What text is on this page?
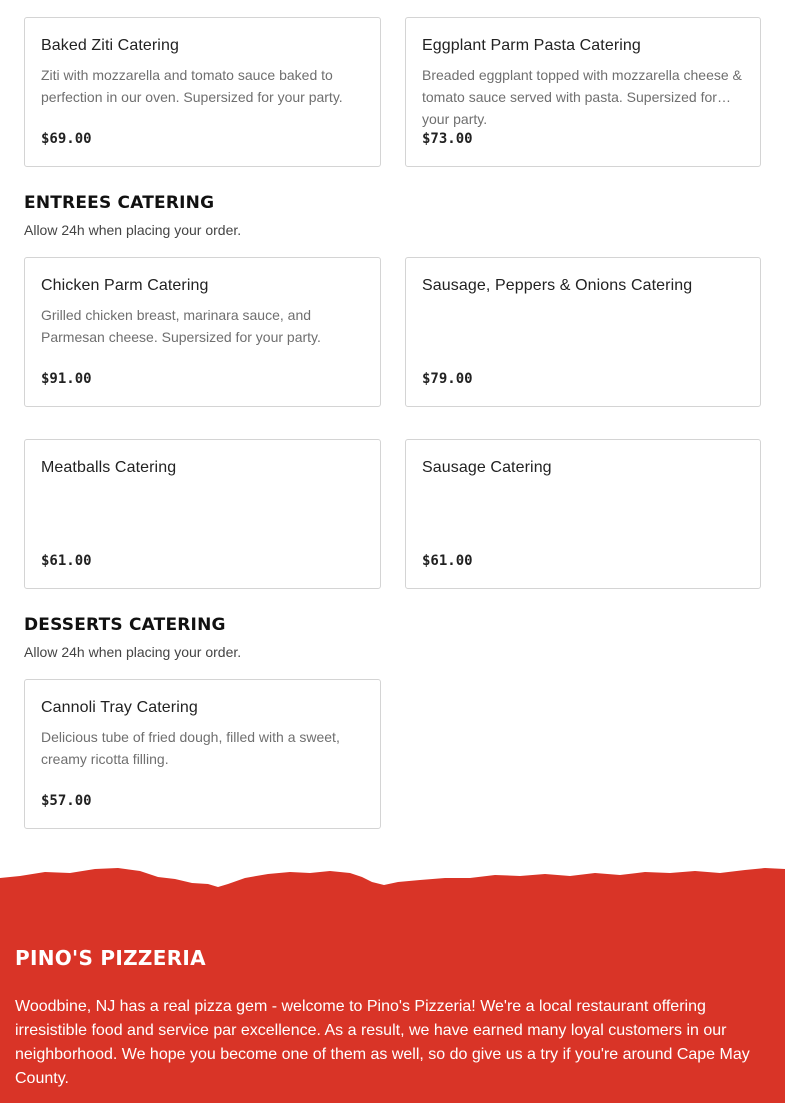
Baked Ziti Catering
Ziti with mozzarella and tomato sauce baked to perfection in our oven. Supersized for your party.
$69.00
Eggplant Parm Pasta Catering
Breaded eggplant topped with mozzarella cheese & tomato sauce served with pasta. Supersized for your party.
$73.00
ENTREES CATERING
Allow 24h when placing your order.
Chicken Parm Catering
Grilled chicken breast, marinara sauce, and Parmesan cheese. Supersized for your party.
$91.00
Sausage, Peppers & Onions Catering
$79.00
Meatballs Catering
$61.00
Sausage Catering
$61.00
DESSERTS CATERING
Allow 24h when placing your order.
Cannoli Tray Catering
Delicious tube of fried dough, filled with a sweet, creamy ricotta filling.
$57.00
PINO'S PIZZERIA
Woodbine, NJ has a real pizza gem - welcome to Pino's Pizzeria! We're a local restaurant offering irresistible food and service par excellence. As a result, we have earned many loyal customers in our neighborhood. We hope you become one of them as well, so do give us a try if you're around Cape May County.
